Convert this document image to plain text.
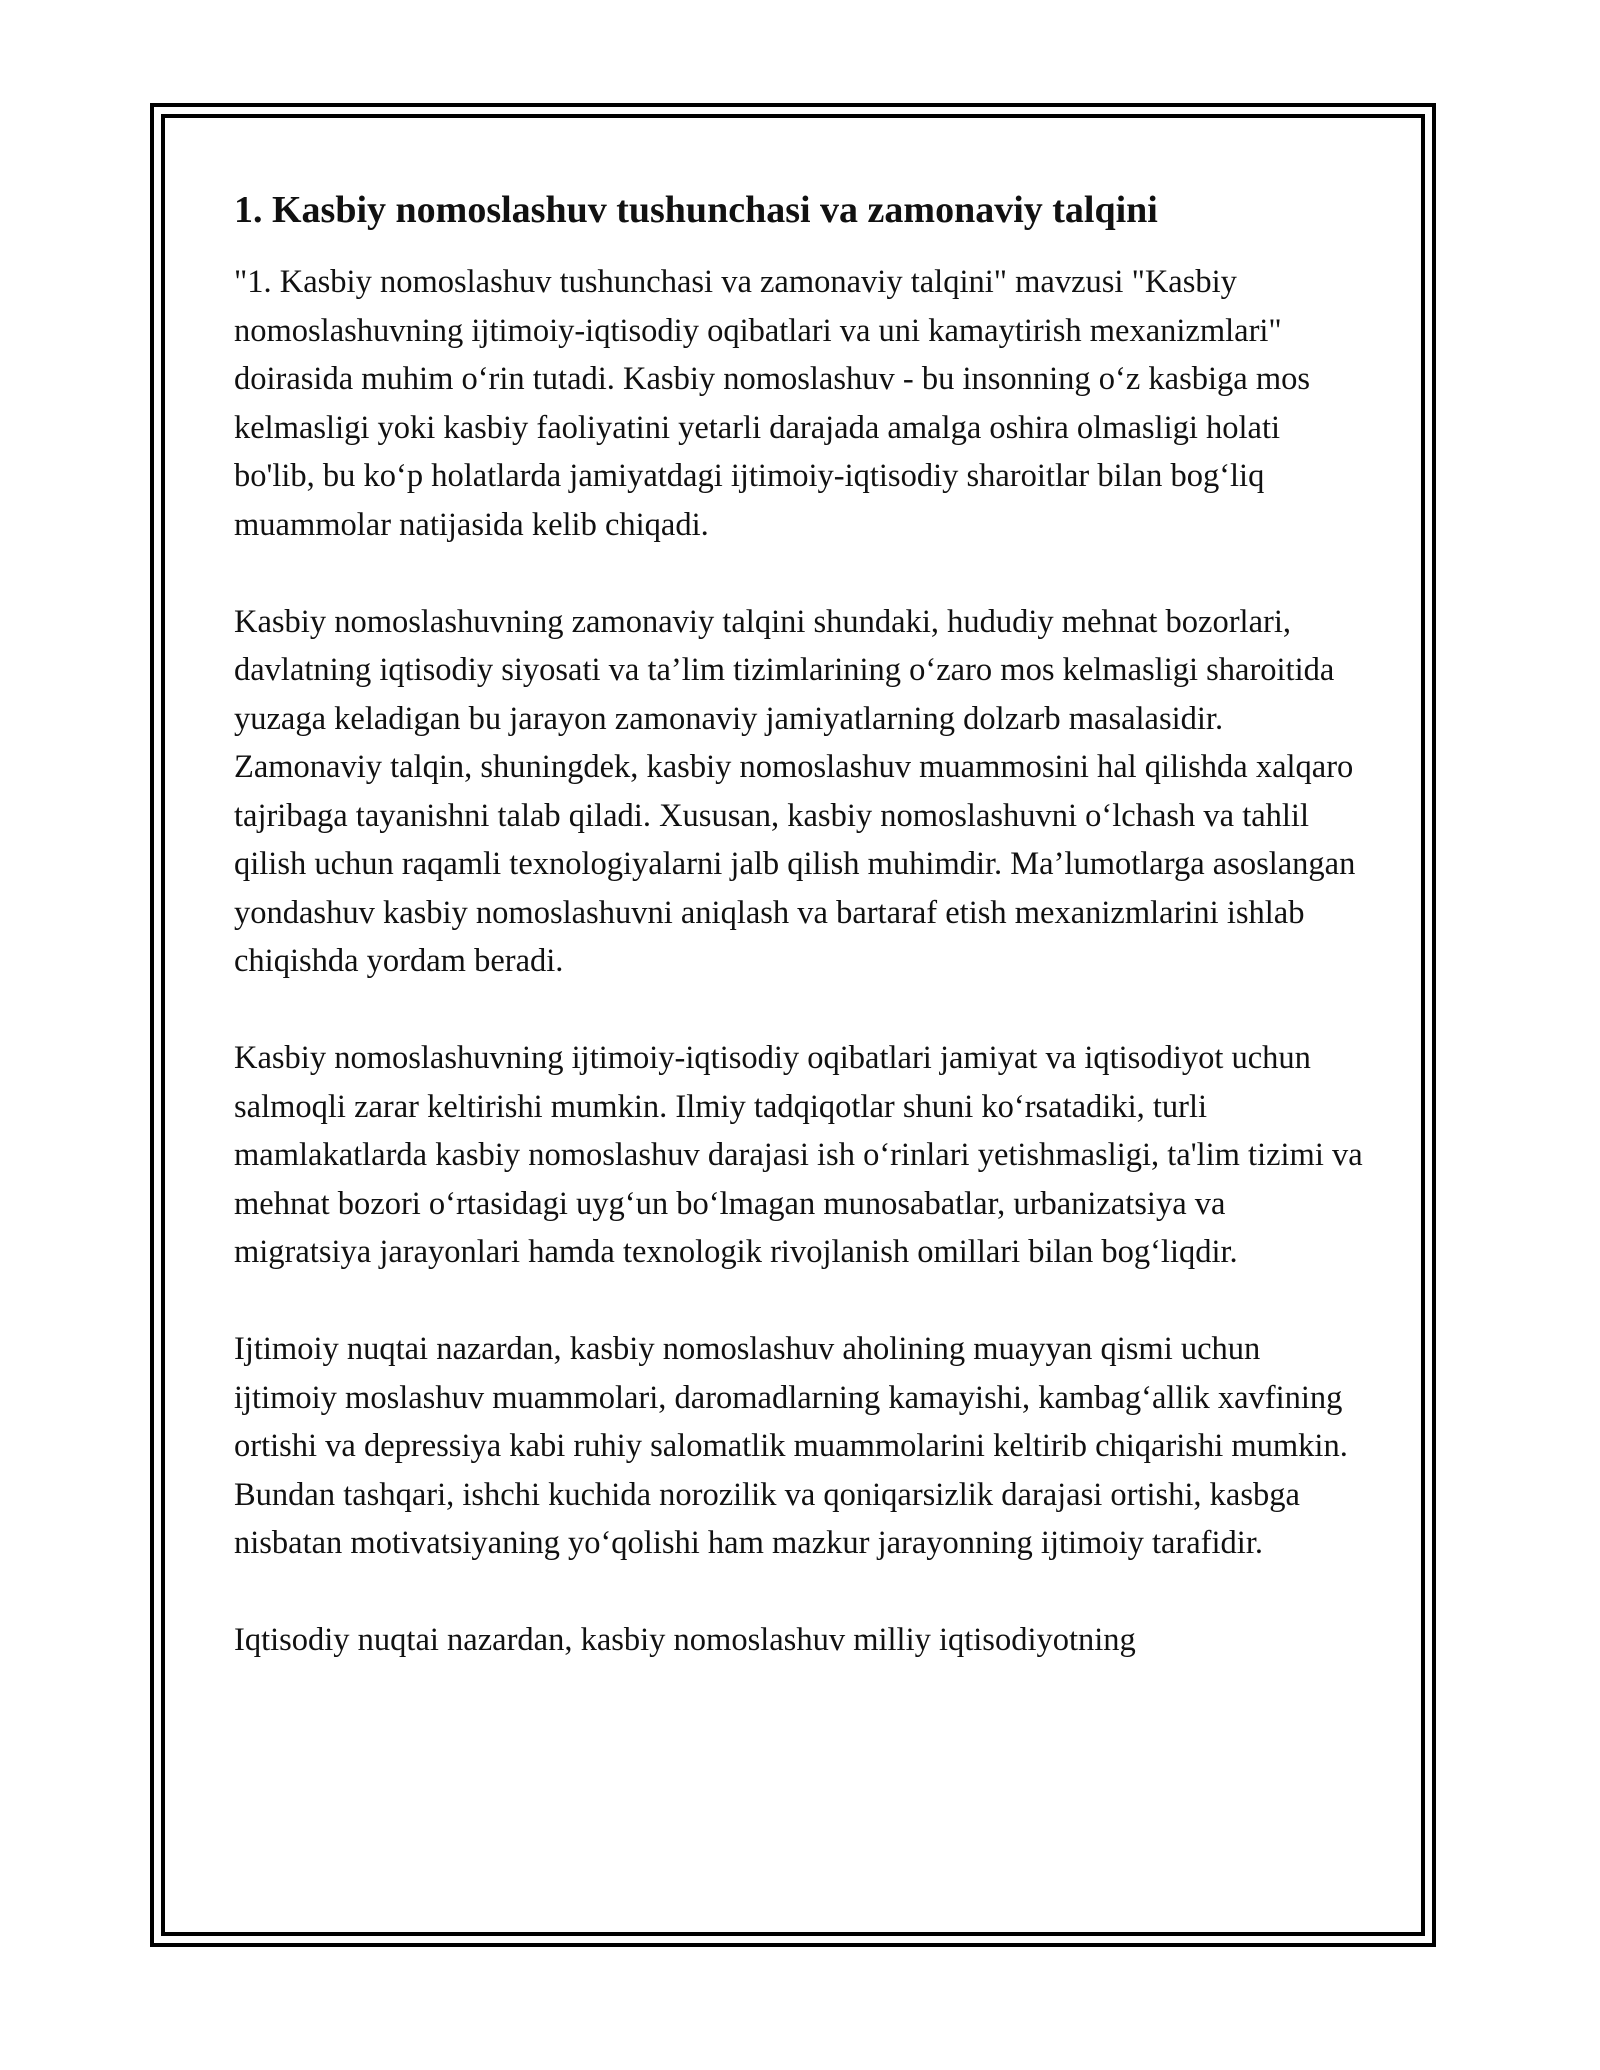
1. Kasbiy nomoslashuv tushunchasi va zamonaviy talqini

"1. Kasbiy nomoslashuv tushunchasi va zamonaviy talqini" mavzusi "Kasbiy nomoslashuvning ijtimoiy-iqtisodiy oqibatlari va uni kamaytirish mexanizmlari" doirasida muhim oʻrin tutadi. Kasbiy nomoslashuv - bu insonning oʻz kasbiga mos kelmasligi yoki kasbiy faoliyatini yetarli darajada amalga oshira olmasligi holati bo'lib, bu koʻp holatlarda jamiyatdagi ijtimoiy-iqtisodiy sharoitlar bilan bogʻliq muammolar natijasida kelib chiqadi.

Kasbiy nomoslashuvning zamonaviy talqini shundaki, hududiy mehnat bozorlari, davlatning iqtisodiy siyosati va ta’lim tizimlarining oʻzaro mos kelmasligi sharoitida yuzaga keladigan bu jarayon zamonaviy jamiyatlarning dolzarb masalasidir. Zamonaviy talqin, shuningdek, kasbiy nomoslashuv muammosini hal qilishda xalqaro tajribaga tayanishni talab qiladi. Xususan, kasbiy nomoslashuvni oʻlchash va tahlil qilish uchun raqamli texnologiyalarni jalb qilish muhimdir. Ma’lumotlarga asoslangan yondashuv kasbiy nomoslashuvni aniqlash va bartaraf etish mexanizmlarini ishlab chiqishda yordam beradi.

Kasbiy nomoslashuvning ijtimoiy-iqtisodiy oqibatlari jamiyat va iqtisodiyot uchun salmoqli zarar keltirishi mumkin. Ilmiy tadqiqotlar shuni koʻrsatadiki, turli mamlakatlarda kasbiy nomoslashuv darajasi ish oʻrinlari yetishmasligi, ta'lim tizimi va mehnat bozori oʻrtasidagi uygʻun boʻlmagan munosabatlar, urbanizatsiya va migratsiya jarayonlari hamda texnologik rivojlanish omillari bilan bogʻliqdir.

Ijtimoiy nuqtai nazardan, kasbiy nomoslashuv aholining muayyan qismi uchun ijtimoiy moslashuv muammolari, daromadlarning kamayishi, kambagʻallik xavfining ortishi va depressiya kabi ruhiy salomatlik muammolarini keltirib chiqarishi mumkin. Bundan tashqari, ishchi kuchida norozilik va qoniqarsizlik darajasi ortishi, kasbga nisbatan motivatsiyaning yoʻqolishi ham mazkur jarayonning ijtimoiy tarafidir.

Iqtisodiy nuqtai nazardan, kasbiy nomoslashuv milliy iqtisodiyotning
